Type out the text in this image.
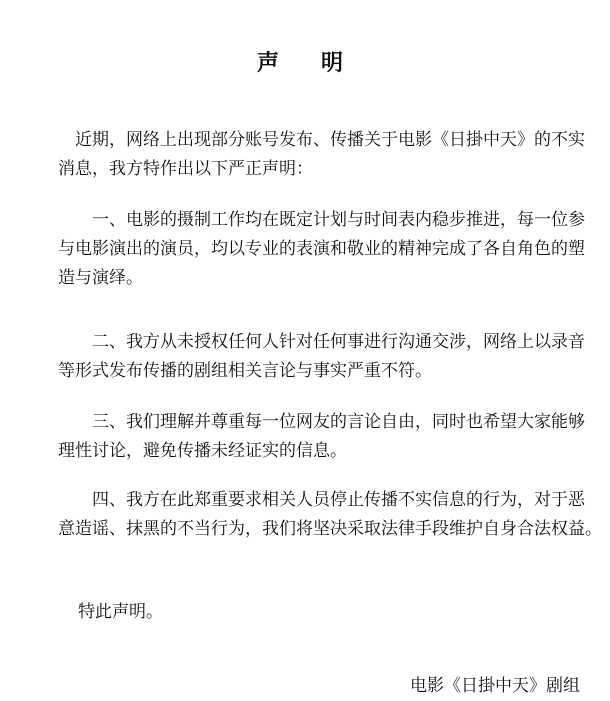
声　明

近期，网络上出现部分账号发布、传播关于电影《日掛中天》的不实
消息，我方特作出以下严正声明：

一、电影的摄制工作均在既定计划与时间表内稳步推进，每一位参
与电影演出的演员，均以专业的表演和敬业的精神完成了各自角色的塑
造与演绎。

二、我方从未授权任何人针对任何事进行沟通交涉，网络上以录音
等形式发布传播的剧组相关言论与事实严重不符。

三、我们理解并尊重每一位网友的言论自由，同时也希望大家能够
理性讨论，避免传播未经证实的信息。

四、我方在此郑重要求相关人员停止传播不实信息的行为，对于恶
意造谣、抹黑的不当行为，我们将坚决采取法律手段维护自身合法权益。

特此声明。
电影《日掛中天》剧组
